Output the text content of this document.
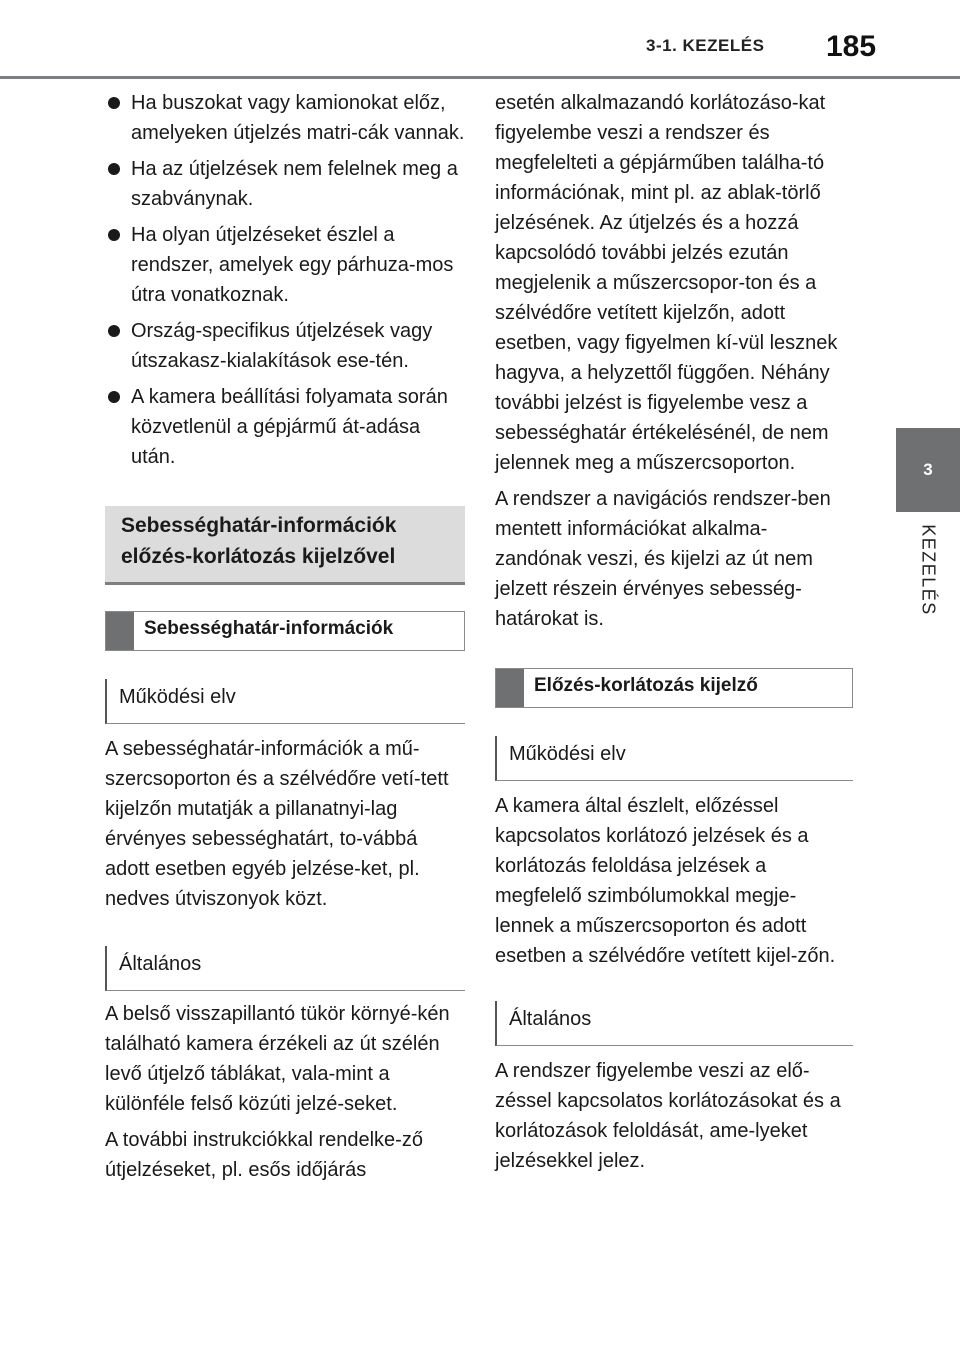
3-1. KEZELÉS 185
3
KEZELÉS
Ha buszokat vagy kamionokat előz, amelyeken útjelzés matri-cák vannak.
Ha az útjelzések nem felelnek meg a szabványnak.
Ha olyan útjelzéseket észlel a rendszer, amelyek egy párhuza-mos útra vonatkoznak.
Ország-specifikus útjelzések vagy útszakasz-kialakítások ese-tén.
A kamera beállítási folyamata során közvetlenül a gépjármű át-adása után.
Sebességhatár-információk előzés-korlátozás kijelzővel
Sebességhatár-információk
Működési elv

A sebességhatár-információk a mű-szercsoporton és a szélvédőre vetí-tett kijelzőn mutatják a pillanatnyi-lag érvényes sebességhatárt, to-vábbá adott esetben egyéb jelzése-ket, pl. nedves útviszonyok közt.

Általános

A belső visszapillantó tükör környé-kén található kamera érzékeli az út szélén levő útjelző táblákat, vala-mint a különféle felső közúti jelzé-seket.

A további instrukciókkal rendelke-ző útjelzéseket, pl. esős időjárás

esetén alkalmazandó korlátozáso-kat figyelembe veszi a rendszer és megfelelteti a gépjárműben találha-tó információnak, mint pl. az ablak-törlő jelzésének. Az útjelzés és a hozzá kapcsolódó további jelzés ezután megjelenik a műszercsopor-ton és a szélvédőre vetített kijelzőn, adott esetben, vagy figyelmen kí-vül lesznek hagyva, a helyzettől függően. Néhány további jelzést is figyelembe vesz a sebességhatár értékelésénél, de nem jelennek meg a műszercsoporton.

A rendszer a navigációs rendszer-ben mentett információkat alkalma-zandónak veszi, és kijelzi az út nem jelzett részein érvényes sebesség-határokat is.

Előzés-korlátozás kijelző
Működési elv

A kamera által észlelt, előzéssel kapcsolatos korlátozó jelzések és a korlátozás feloldása jelzések a megfelelő szimbólumokkal megje-lennek a műszercsoporton és adott esetben a szélvédőre vetített kijel-zőn.

Általános

A rendszer figyelembe veszi az elő-zéssel kapcsolatos korlátozásokat és a korlátozások feloldását, ame-lyeket jelzésekkel jelez.
